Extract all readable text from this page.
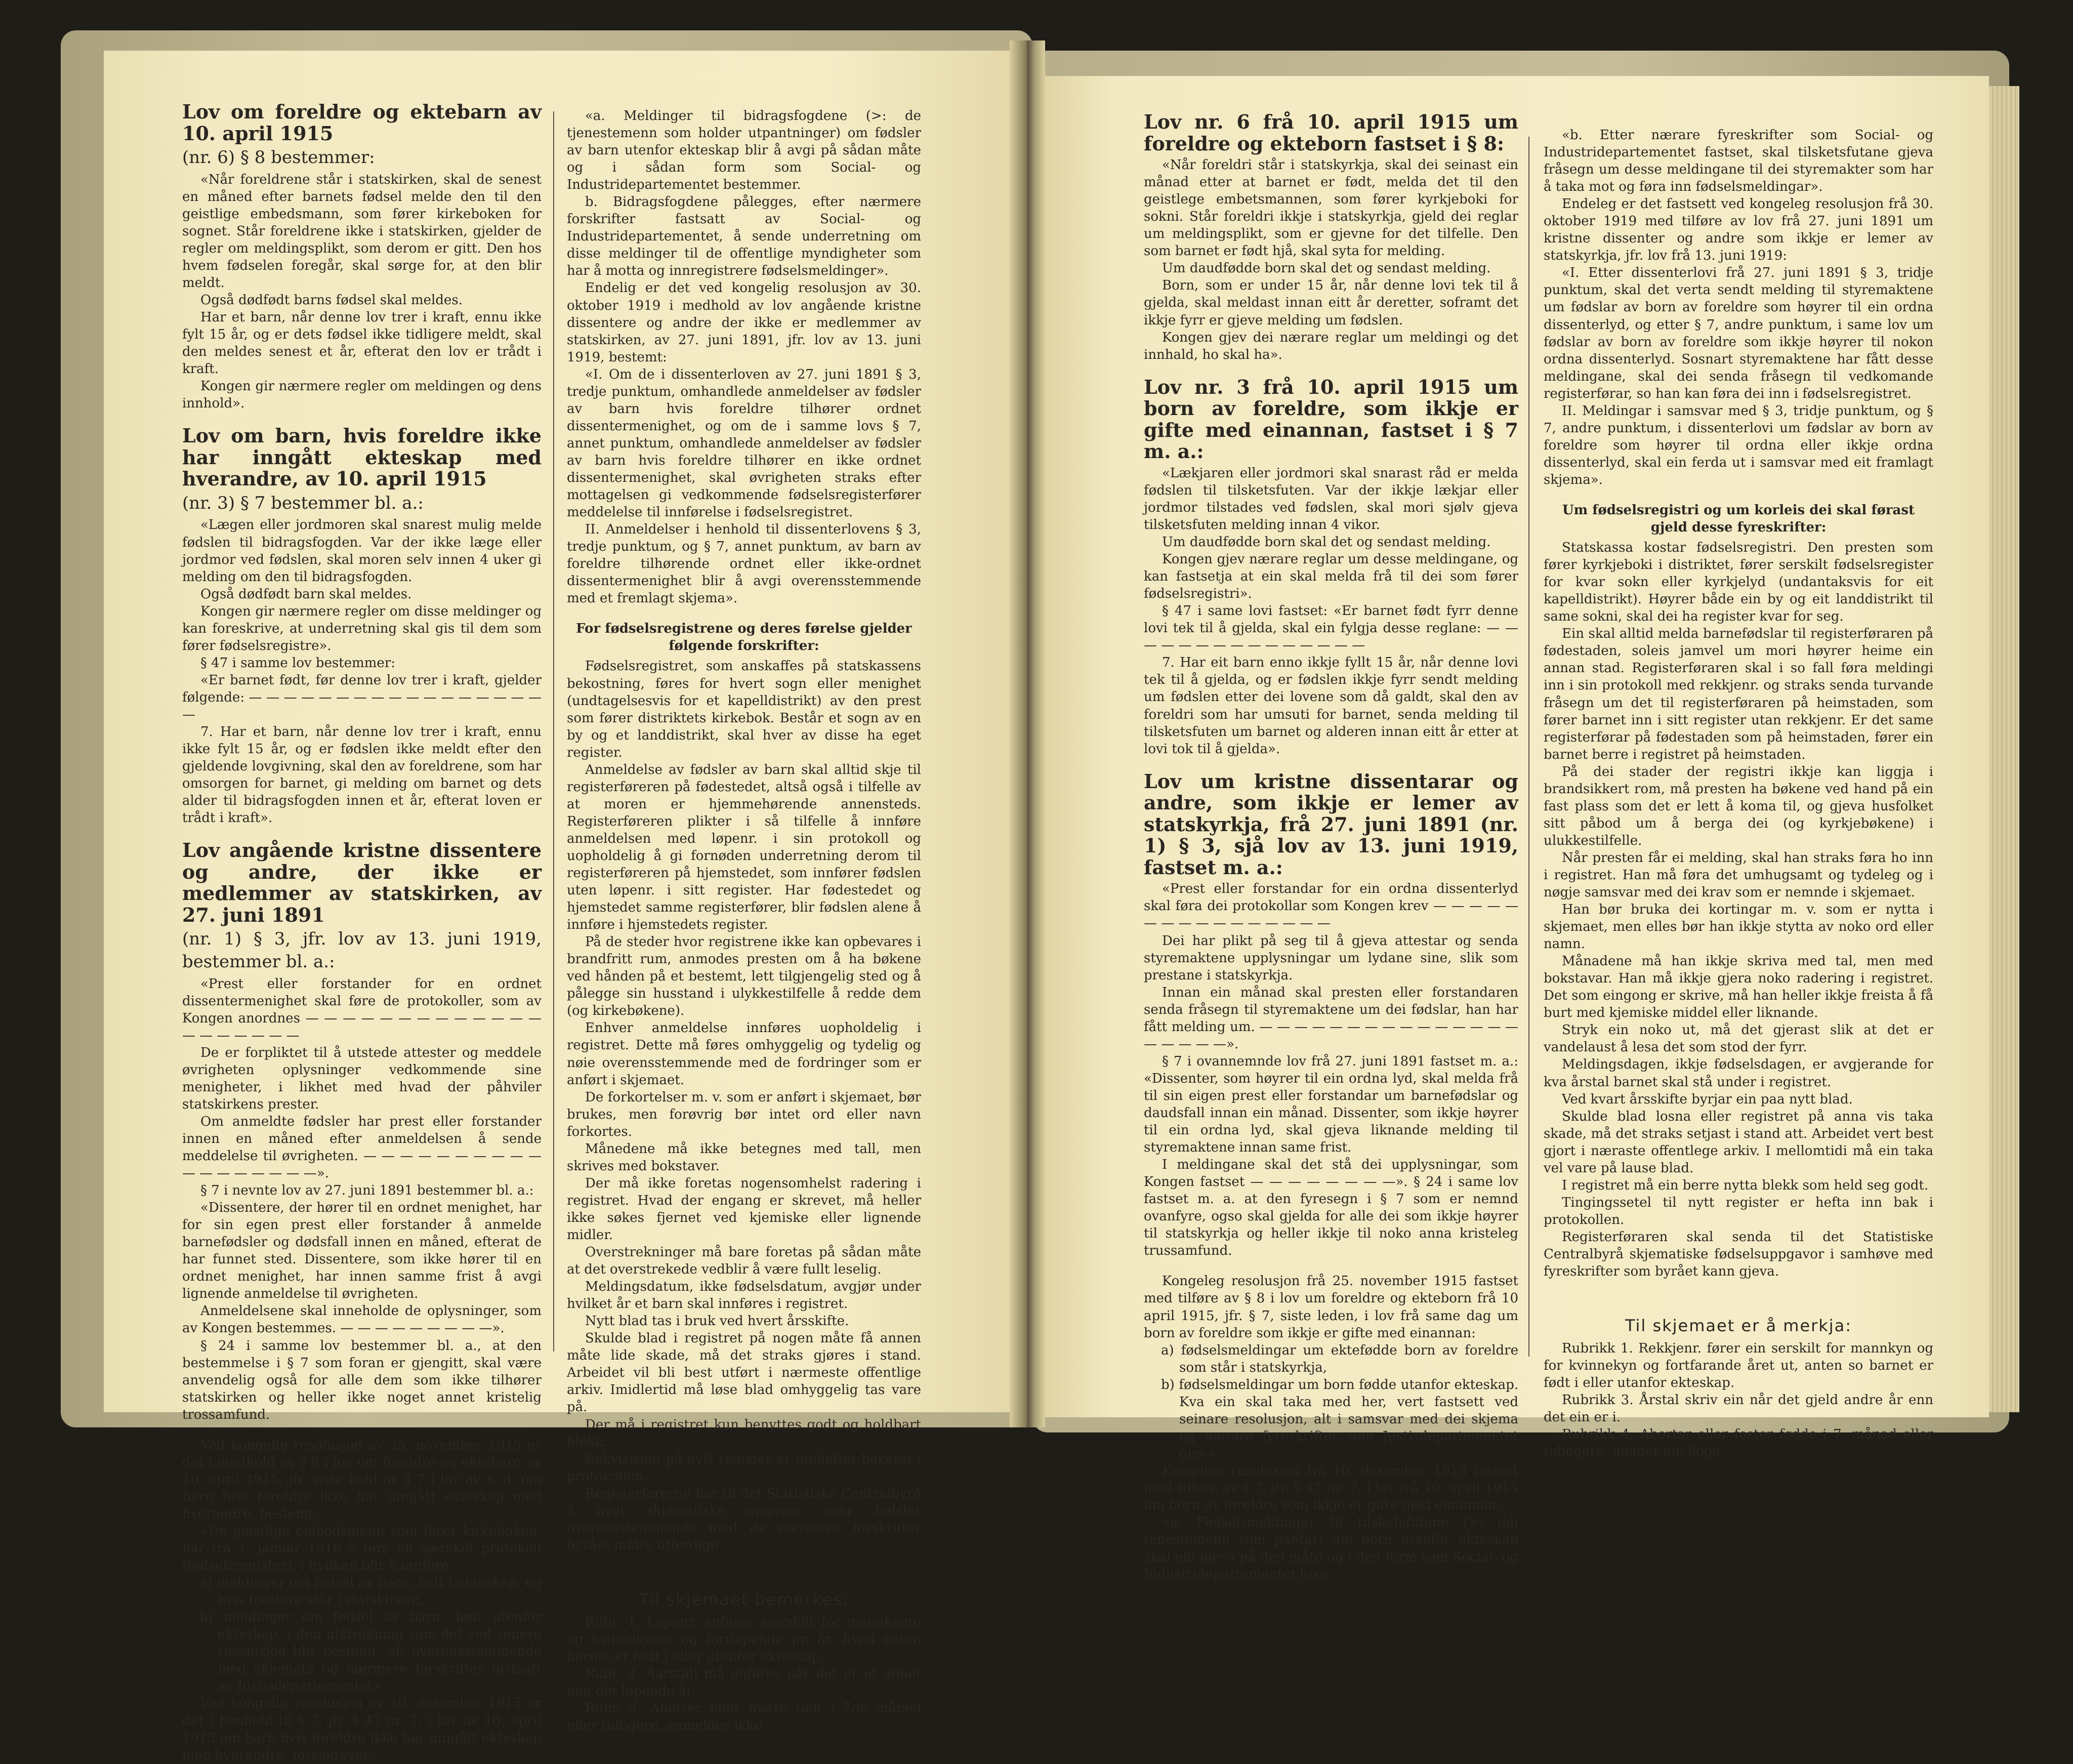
Lov om foreldre og ektebarn av 10. april 1915

(nr. 6) § 8 bestemmer:

«Når foreldrene står i statskirken, skal de senest en måned efter barnets fødsel melde den til den geistlige embedsmann, som fører kirkeboken for sognet. Står foreldrene ikke i statskirken, gjelder de regler om meldingsplikt, som derom er gitt. Den hos hvem fødselen foregår, skal sørge for, at den blir meldt.

Også dødfødt barns fødsel skal meldes.

Har et barn, når denne lov trer i kraft, ennu ikke fylt 15 år, og er dets fødsel ikke tidligere meldt, skal den meldes senest et år, efterat den lov er trådt i kraft.

Kongen gir nærmere regler om meldingen og dens innhold».

Lov om barn, hvis foreldre ikke har inngått ekteskap med hverandre, av 10. april 1915

(nr. 3) § 7 bestemmer bl. a.:

«Lægen eller jordmoren skal snarest mulig melde fødslen til bidragsfogden. Var der ikke læge eller jordmor ved fødslen, skal moren selv innen 4 uker gi melding om den til bidragsfogden.

Også dødfødt barn skal meldes.

Kongen gir nærmere regler om disse meldinger og kan foreskrive, at underretning skal gis til dem som fører fødselsregistre».

§ 47 i samme lov bestemmer:

«Er barnet født, før denne lov trer i kraft, gjelder følgende: — — — — — — — — — — — — — — — — — —

7. Har et barn, når denne lov trer i kraft, ennu ikke fylt 15 år, og er fødslen ikke meldt efter den gjeldende lovgivning, skal den av foreldrene, som har omsorgen for barnet, gi melding om barnet og dets alder til bidragsfogden innen et år, efterat loven er trådt i kraft».

Lov angående kristne dissentere og andre, der ikke er medlemmer av statskirken, av 27. juni 1891

(nr. 1) § 3, jfr. lov av 13. juni 1919, bestemmer bl. a.:

«Prest eller forstander for en ordnet dissentermenighet skal føre de protokoller, som av Kongen anordnes — — — — — — — — — — — — — — — — — — — —

De er forpliktet til å utstede attester og meddele øvrigheten oplysninger vedkommende sine menigheter, i likhet med hvad der påhviler statskirkens prester.

Om anmeldte fødsler har prest eller forstander innen en måned efter anmeldelsen å sende meddelelse til øvrigheten. — — — — — — — — — — — — — — — — — —».

§ 7 i nevnte lov av 27. juni 1891 bestemmer bl. a.:

«Dissentere, der hører til en ordnet menighet, har for sin egen prest eller forstander å anmelde barnefødsler og dødsfall innen en måned, efterat de har funnet sted. Dissentere, som ikke hører til en ordnet menighet, har innen samme frist å avgi lignende anmeldelse til øvrigheten.

Anmeldelsene skal inneholde de oplysninger, som av Kongen bestemmes. — — — — — — — — —».

§ 24 i samme lov bestemmer bl. a., at den bestemmelse i § 7 som foran er gjengitt, skal være anvendelig også for alle dem som ikke tilhører statskirken og heller ikke noget annet kristelig trossamfund.

Ved kongelig resolusjon av 25. november 1915 er det i medhold av § 8 i lov om foreldre og ektebarn av 10. april 1915, jfr. siste ledd av § 7 i lov av s. d. om barn hvis foreldre ikke har inngått ekteskap med hverandre, bestemt:

«De geistlige embedsmenn som fører kirkeboken, har fra 1. januar 1916 å føre en særskilt protokoll (fødselsregister), i hvilken blir å innføre:

a) meldinger om fødsel av barn, født i ekteskap, og hvis foreldre står i statskirken,

b) meldinger om fødsel av barn, født utenfor ekteskap, i den utstrekning som det ved senere resolusjon blir bestemt, alt overensstemmende med skjemata og nærmere forskrifter fastsatt av Justisdepartementet».

Ved kongelig resolusjon av 10. desember 1915 er det i henhold til § 7, jfr. § 47 nr. 7, i lov av 10. april 1915 om barn hvis foreldre ikke har inngått ekteskap med hverandre, foreskrevet:

«a. Meldinger til bidragsfogdene (>: de tjenestemenn som holder utpantninger) om fødsler av barn utenfor ekteskap blir å avgi på sådan måte og i sådan form som Social- og Industridepartementet bestemmer.

b. Bidragsfogdene pålegges, efter nærmere forskrifter fastsatt av Social- og Industridepartementet, å sende underretning om disse meldinger til de offentlige myndigheter som har å motta og innregistrere fødselsmeldinger».

Endelig er det ved kongelig resolusjon av 30. oktober 1919 i medhold av lov angående kristne dissentere og andre der ikke er medlemmer av statskirken, av 27. juni 1891, jfr. lov av 13. juni 1919, bestemt:

«I. Om de i dissenterloven av 27. juni 1891 § 3, tredje punktum, omhandlede anmeldelser av fødsler av barn hvis foreldre tilhører ordnet dissentermenighet, og om de i samme lovs § 7, annet punktum, omhandlede anmeldelser av fødsler av barn hvis foreldre tilhører en ikke ordnet dissentermenighet, skal øvrigheten straks efter mottagelsen gi vedkommende fødselsregisterfører meddelelse til innførelse i fødselsregistret.

II. Anmeldelser i henhold til dissenterlovens § 3, tredje punktum, og § 7, annet punktum, av barn av foreldre tilhørende ordnet eller ikke-ordnet dissentermenighet blir å avgi overensstemmende med et fremlagt skjema».

For fødselsregistrene og deres førelse gjelder følgende forskrifter:

Fødselsregistret, som anskaffes på statskassens bekostning, føres for hvert sogn eller menighet (undtagelsesvis for et kapelldistrikt) av den prest som fører distriktets kirkebok. Består et sogn av en by og et landdistrikt, skal hver av disse ha eget register.

Anmeldelse av fødsler av barn skal alltid skje til registerføreren på fødestedet, altså også i tilfelle av at moren er hjemmehørende annensteds. Registerføreren plikter i så tilfelle å innføre anmeldelsen med løpenr. i sin protokoll og uopholdelig å gi fornøden underretning derom til registerføreren på hjemstedet, som innfører fødslen uten løpenr. i sitt register. Har fødestedet og hjemstedet samme registerfører, blir fødslen alene å innføre i hjemstedets register.

På de steder hvor registrene ikke kan opbevares i brandfritt rum, anmodes presten om å ha bøkene ved hånden på et bestemt, lett tilgjengelig sted og å pålegge sin husstand i ulykkestilfelle å redde dem (og kirkebøkene).

Enhver anmeldelse innføres uopholdelig i registret. Dette må føres omhyggelig og tydelig og nøie overensstemmende med de fordringer som er anført i skjemaet.

De forkortelser m. v. som er anført i skjemaet, bør brukes, men forøvrig bør intet ord eller navn forkortes.

Månedene må ikke betegnes med tall, men skrives med bokstaver.

Der må ikke foretas nogensomhelst radering i registret. Hvad der engang er skrevet, må heller ikke søkes fjernet ved kjemiske eller lignende midler.

Overstrekninger må bare foretas på sådan måte at det overstrekede vedblir å være fullt leselig.

Meldingsdatum, ikke fødselsdatum, avgjør under hvilket år et barn skal innføres i registret.

Nytt blad tas i bruk ved hvert årsskifte.

Skulde blad i registret på nogen måte få annen måte lide skade, må det straks gjøres i stand. Arbeidet vil bli best utført i nærmeste offentlige arkiv. Imidlertid må løse blad omhyggelig tas vare på.

Der må i registret kun benyttes godt og holdbart blekk.

Rekvisisjon på nytt register er innheftet bakerst i protokollen.

Registerførerne har til det Statistiske Centralbyrå å avgi skjematiske opgaver over fødsler overensstemmende med de nærmere forskrifter byrået måtte utferdige.

Til skjemaet bemerkes:

Rubr. 1. Løpenr. anføres særskilt for mannkjønn og kvinnekjønn og fortløpende pr. år, hvad enten barnet er født i eller utenfor ekteskap.

Rubr. 3. Aarstall må anføres når det er et annet enn det løpende år.

Rubr. 4. Aborter eller fostre født i 7de måned eller tidligere, anmeldes ikke.

Lov nr. 6 frå 10. april 1915 um foreldre og ekteborn fastset i § 8:

«Når foreldri står i statskyrkja, skal dei seinast ein månad etter at barnet er født, melda det til den geistlege embetsmannen, som fører kyrkjeboki for sokni. Står foreldri ikkje i statskyrkja, gjeld dei reglar um meldingsplikt, som er gjevne for det tilfelle. Den som barnet er født hjå, skal syta for melding.

Um daudfødde born skal det og sendast melding.

Born, som er under 15 år, når denne lovi tek til å gjelda, skal meldast innan eitt år deretter, soframt det ikkje fyrr er gjeve melding um fødslen.

Kongen gjev dei nærare reglar um meldingi og det innhald, ho skal ha».

Lov nr. 3 frå 10. april 1915 um born av foreldre, som ikkje er gifte med einannan, fastset i § 7 m. a.:

«Lækjaren eller jordmori skal snarast råd er melda fødslen til tilsketsfuten. Var der ikkje lækjar eller jordmor tilstades ved fødslen, skal mori sjølv gjeva tilsketsfuten melding innan 4 vikor.

Um daudfødde born skal det og sendast melding.

Kongen gjev nærare reglar um desse meldingane, og kan fastsetja at ein skal melda frå til dei som fører fødselsregistri».

§ 47 i same lovi fastset: «Er barnet født fyrr denne lovi tek til å gjelda, skal ein fylgja desse reglane: — — — — — — — — — — — — — — —

7. Har eit barn enno ikkje fyllt 15 år, når denne lovi tek til å gjelda, og er fødslen ikkje fyrr sendt melding um fødslen etter dei lovene som då galdt, skal den av foreldri som har umsuti for barnet, senda melding til tilsketsfuten um barnet og alderen innan eitt år etter at lovi tok til å gjelda».

Lov um kristne dissentarar og andre, som ikkje er lemer av statskyrkja, frå 27. juni 1891 (nr. 1) § 3, sjå lov av 13. juni 1919, fastset m. a.:

«Prest eller forstandar for ein ordna dissenterlyd skal føra dei protokollar som Kongen krev — — — — — — — — — — — — — — — —

Dei har plikt på seg til å gjeva attestar og senda styremaktene upplysningar um lydane sine, slik som prestane i statskyrkja.

Innan ein månad skal presten eller forstandaren senda fråsegn til styremaktene um dei fødslar, han har fått melding um. — — — — — — — — — — — — — — — — — — — —».

§ 7 i ovannemnde lov frå 27. juni 1891 fastset m. a.: «Dissenter, som høyrer til ein ordna lyd, skal melda frå til sin eigen prest eller forstandar um barnefødslar og daudsfall innan ein månad. Dissenter, som ikkje høyrer til ein ordna lyd, skal gjeva liknande melding til styremaktene innan same frist.

I meldingane skal det stå dei upplysningar, som Kongen fastset — — — — — — — —». § 24 i same lov fastset m. a. at den fyresegn i § 7 som er nemnd ovanfyre, ogso skal gjelda for alle dei som ikkje høyrer til statskyrkja og heller ikkje til noko anna kristeleg trussamfund.

Kongeleg resolusjon frå 25. november 1915 fastset med tilføre av § 8 i lov um foreldre og ekteborn frå 10 april 1915, jfr. § 7, siste leden, i lov frå same dag um born av foreldre som ikkje er gifte med einannan:

a) fødselsmeldingar um ektefødde born av foreldre som står i statskyrkja,

b) fødselsmeldingar um born fødde utanfor ekteskap. Kva ein skal taka med her, vert fastsett ved seinare resolusjon, alt i samsvar med dei skjema og nærare fyreskrifter som Justisdepartementet gjev».

Kongeleg resolusjon frå 10. desember 1915 fastset med tilføre av § 7, jfr. § 47 nr. 7, i lov frå 10. april 1915 um born av foreldre som ikkje er gifte med einannan:

«a. Fødselsmeldingar til tilsketsfutane (>: dei tenestemenn som pantar) um born utanfor ekteskap skal ein gjeva på den måte og i den form som Social- og Industridepartementet krev.

«b. Etter nærare fyreskrifter som Social- og Industridepartementet fastset, skal tilsketsfutane gjeva fråsegn um desse meldingane til dei styremakter som har å taka mot og føra inn fødselsmeldingar».

Endeleg er det fastsett ved kongeleg resolusjon frå 30. oktober 1919 med tilføre av lov frå 27. juni 1891 um kristne dissenter og andre som ikkje er lemer av statskyrkja, jfr. lov frå 13. juni 1919:

«I. Etter dissenterlovi frå 27. juni 1891 § 3, tridje punktum, skal det verta sendt melding til styremaktene um fødslar av born av foreldre som høyrer til ein ordna dissenterlyd, og etter § 7, andre punktum, i same lov um fødslar av born av foreldre som ikkje høyrer til nokon ordna dissenterlyd. Sosnart styremaktene har fått desse meldingane, skal dei senda fråsegn til vedkomande registerførar, so han kan føra dei inn i fødselsregistret.

II. Meldingar i samsvar med § 3, tridje punktum, og § 7, andre punktum, i dissenterlovi um fødslar av born av foreldre som høyrer til ordna eller ikkje ordna dissenterlyd, skal ein ferda ut i samsvar med eit framlagt skjema».

Um fødselsregistri og um korleis dei skal førast gjeld desse fyreskrifter:

Statskassa kostar fødselsregistri. Den presten som fører kyrkjeboki i distriktet, fører serskilt fødselsregister for kvar sokn eller kyrkjelyd (undantaksvis for eit kapelldistrikt). Høyrer både ein by og eit landdistrikt til same sokni, skal dei ha register kvar for seg.

Ein skal alltid melda barnefødslar til registerføraren på fødestaden, soleis jamvel um mori høyrer heime ein annan stad. Registerføraren skal i so fall føra meldingi inn i sin protokoll med rekkjenr. og straks senda turvande fråsegn um det til registerføraren på heimstaden, som fører barnet inn i sitt register utan rekkjenr. Er det same registerførar på fødestaden som på heimstaden, fører ein barnet berre i registret på heimstaden.

På dei stader der registri ikkje kan liggja i brandsikkert rom, må presten ha bøkene ved hand på ein fast plass som det er lett å koma til, og gjeva husfolket sitt påbod um å berga dei (og kyrkjebøkene) i ulukkestilfelle.

Når presten får ei melding, skal han straks føra ho inn i registret. Han må føra det umhugsamt og tydeleg og i nøgje samsvar med dei krav som er nemnde i skjemaet.

Han bør bruka dei kortingar m. v. som er nytta i skjemaet, men elles bør han ikkje stytta av noko ord eller namn.

Månadene må han ikkje skriva med tal, men med bokstavar. Han må ikkje gjera noko radering i registret. Det som eingong er skrive, må han heller ikkje freista å få burt med kjemiske middel eller liknande.

Stryk ein noko ut, må det gjerast slik at det er vandelaust å lesa det som stod der fyrr.

Meldingsdagen, ikkje fødselsdagen, er avgjerande for kva årstal barnet skal stå under i registret.

Ved kvart årsskifte byrjar ein paa nytt blad.

Skulde blad losna eller registret på anna vis taka skade, må det straks setjast i stand att. Arbeidet vert best gjort i næraste offentlege arkiv. I mellomtidi må ein taka vel vare på lause blad.

I registret må ein berre nytta blekk som held seg godt.

Tingingssetel til nytt register er hefta inn bak i protokollen.

Registerføraren skal senda til det Statistiske Centralbyrå skjematiske fødselsuppgavor i samhøve med fyreskrifter som byrået kann gjeva.

Til skjemaet er å merkja:

Rubrikk 1. Rekkjenr. fører ein serskilt for mannkyn og for kvinnekyn og fortfarande året ut, anten so barnet er født i eller utanfor ekteskap.

Rubrikk 3. Årstal skriv ein når det gjeld andre år enn det ein er i.

Rubrikk 4. Abortar eller foster fødde i 7. månad eller tidlegare, melder ein ikkje.
